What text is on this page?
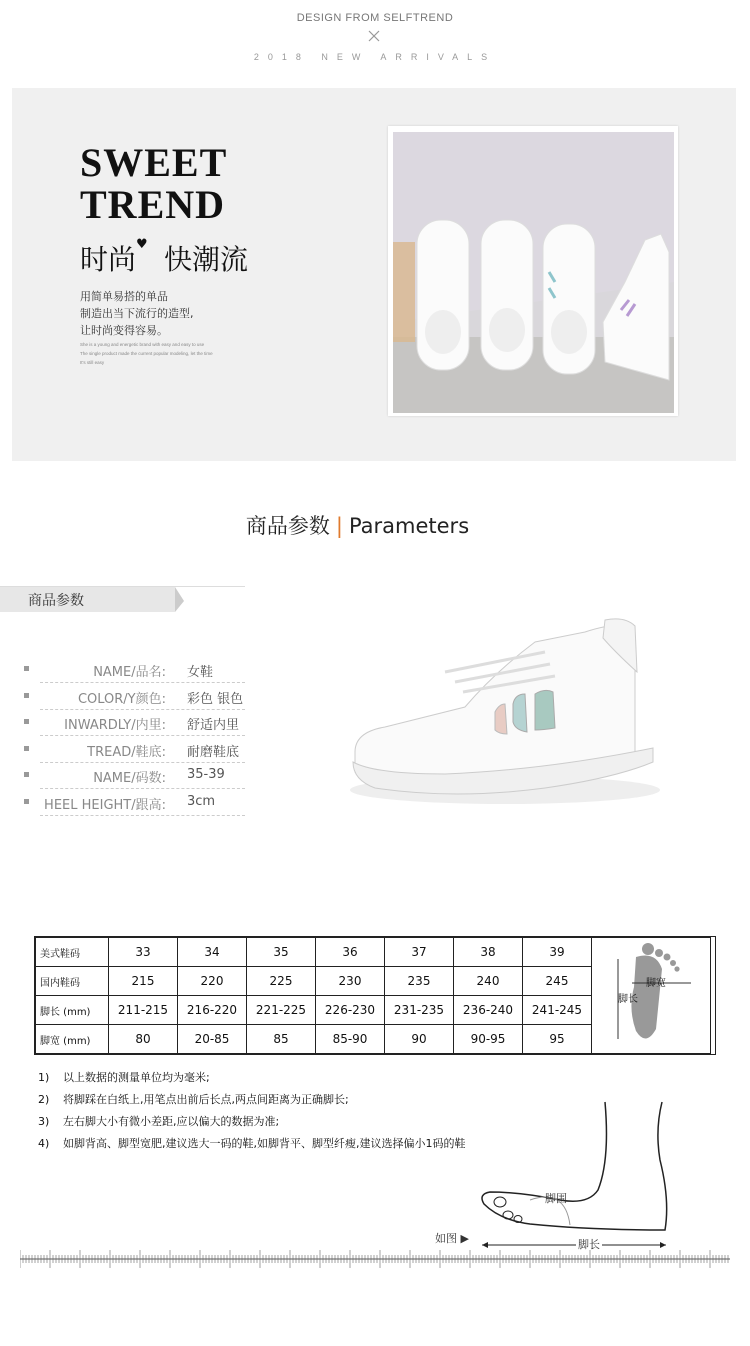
DESIGN FROM SELFTREND
2018 NEW ARRIVALS
SWEET
TREND
时尚 ♥ 快潮流
用简单易搭的单品
制造出当下流行的造型,
让时尚变得容易。
She is a young and energetic brand with easy and easy to use
The single product made the current popular modeling, let the time
It's still easy
商品参数 | Parameters
商品参数
NAME/品名: 女鞋
COLOR/Y颜色: 彩色 银色
INWARDLY/内里: 舒适内里
TREAD/鞋底: 耐磨鞋底
NAME/码数: 35-39
HEEL HEIGHT/跟高: 3cm
美式鞋码	33	34	35	36	37	38	39	脚宽
脚长

国内鞋码	215	220	225	230	235	240	245	
脚长 (mm)	211-215	216-220	221-225	226-230	231-235	236-240	241-245	
脚宽 (mm)	80	20-85	85	85-90	90	90-95	95	
1) 以上数据的测量单位均为毫米;
2) 将脚踩在白纸上,用笔点出前后长点,两点间距离为正确脚长;
3) 左右脚大小有微小差距,应以偏大的数据为准;
4) 如脚背高、脚型宽肥,建议选大一码的鞋,如脚背平、脚型纤瘦,建议选择偏小1码的鞋
脚围
如图 ▶	脚长
